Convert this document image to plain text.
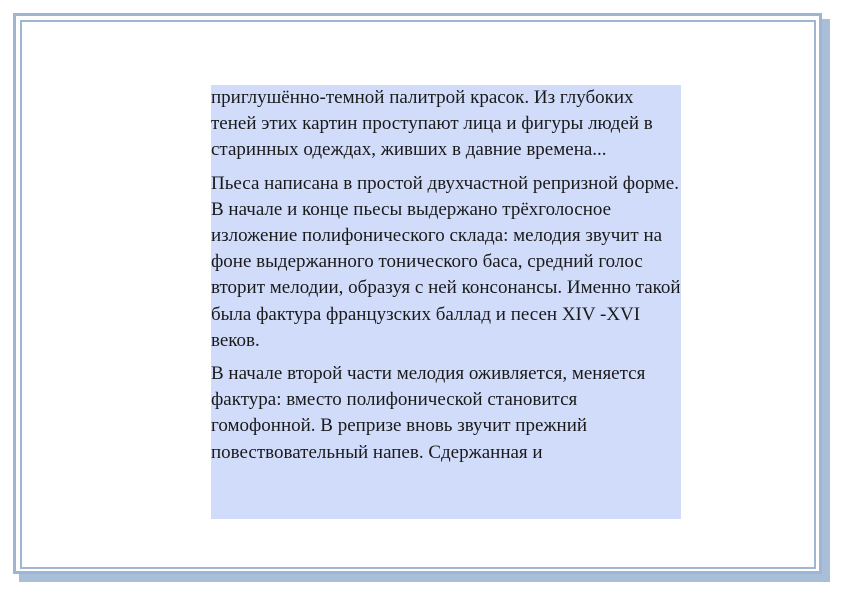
приглушённо-темной палитрой красок. Из глубоких теней этих картин проступают лица и фигуры людей в старинных одеждах, живших в давние времена...

Пьеса написана в простой двухчастной репризной форме. В начале и конце пьесы выдержано трёхголосное изложение полифонического склада: мелодия звучит на фоне выдержанного тонического баса, средний голос вторит мелодии, образуя с ней консонансы. Именно такой была фактура французских баллад и песен XIV -XVI веков.

В начале второй части мелодия оживляется, меняется фактура: вместо полифонической становится гомофонной. В репризе вновь звучит прежний повествовательный напев. Сдержанная и
